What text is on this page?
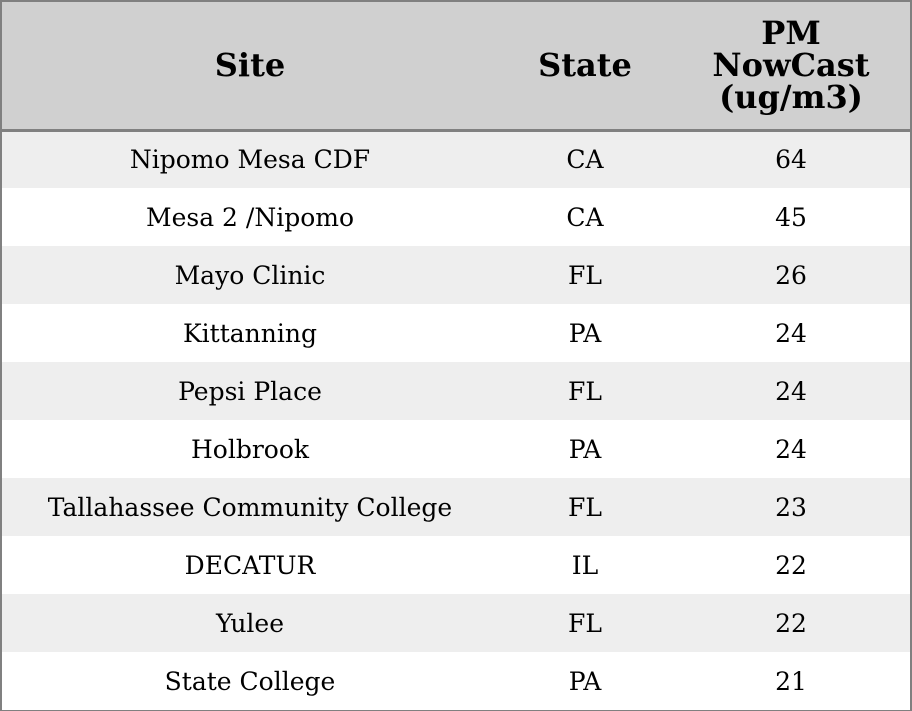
Site	State	PM
NowCast
(ug/m3)

Nipomo Mesa CDF	CA	64
Mesa 2 /Nipomo	CA	45
Mayo Clinic	FL	26
Kittanning	PA	24
Pepsi Place	FL	24
Holbrook	PA	24
Tallahassee Community College	FL	23
DECATUR	IL	22
Yulee	FL	22
State College	PA	21
